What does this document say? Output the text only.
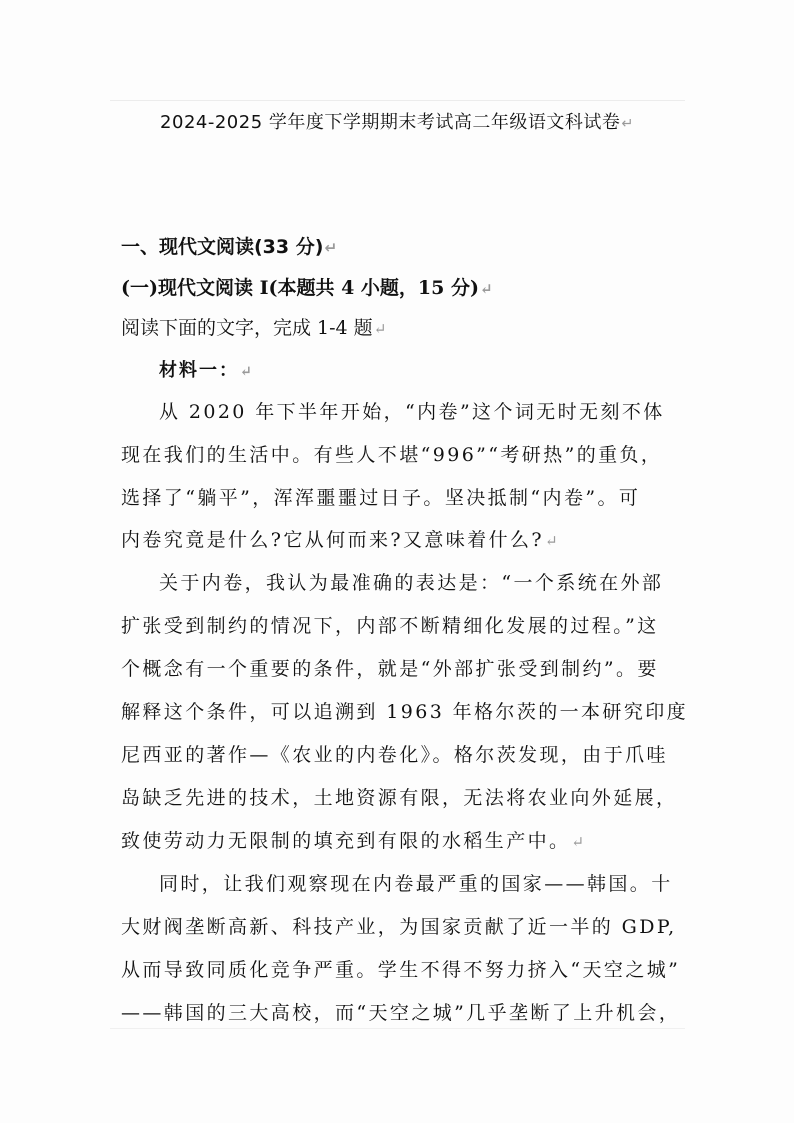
2024-2025 学年度下学期期末考试高二年级语文科试卷↵
一、现代文阅读(33 分)↵
(一)现代文阅读 I(本题共 4 小题，15 分)↵
阅读下面的文字，完成 1-4 题↵
材料一：↵
从 2020 年下半年开始，“内卷”这个词无时无刻不体
现在我们的生活中。有些人不堪“996”“考研热”的重负，
选择了“躺平”，浑浑噩噩过日子。坚决抵制“内卷”。可
内卷究竟是什么?它从何而来?又意味着什么?↵
关于内卷，我认为最准确的表达是：“一个系统在外部
扩张受到制约的情况下，内部不断精细化发展的过程。”这
个概念有一个重要的条件，就是“外部扩张受到制约”。要
解释这个条件，可以追溯到 1963 年格尔茨的一本研究印度
尼西亚的著作—《农业的内卷化》。格尔茨发现，由于爪哇
岛缺乏先进的技术，土地资源有限，无法将农业向外延展，
致使劳动力无限制的填充到有限的水稻生产中。↵
同时，让我们观察现在内卷最严重的国家——韩国。十
大财阀垄断高新、科技产业，为国家贡献了近一半的 GDP,
从而导致同质化竞争严重。学生不得不努力挤入“天空之城”
——韩国的三大高校，而“天空之城”几乎垄断了上升机会，
